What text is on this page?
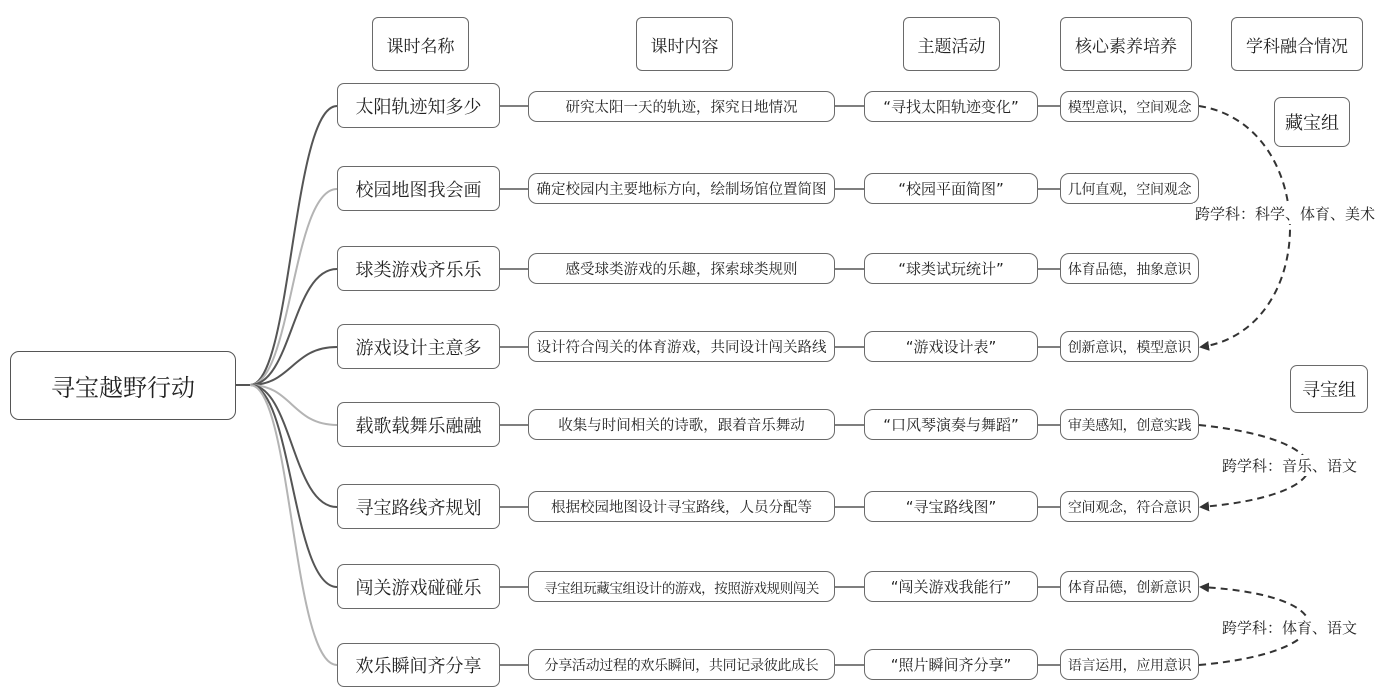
课时名称	课时内容	主题活动	核心素养培养	学科融合情况
寻宝越野行动
太阳轨迹知多少	研究太阳一天的轨迹，探究日地情况	“寻找太阳轨迹变化”	模型意识，空间观念
校园地图我会画	确定校园内主要地标方向，绘制场馆位置简图	“校园平面简图”	几何直观，空间观念
球类游戏齐乐乐	感受球类游戏的乐趣，探索球类规则	“球类试玩统计”	体育品德，抽象意识
游戏设计主意多	设计符合闯关的体育游戏，共同设计闯关路线	“游戏设计表”	创新意识，模型意识
载歌载舞乐融融	收集与时间相关的诗歌，跟着音乐舞动	“口风琴演奏与舞蹈”	审美感知，创意实践
寻宝路线齐规划	根据校园地图设计寻宝路线，人员分配等	“寻宝路线图”	空间观念，符合意识
闯关游戏碰碰乐	寻宝组玩藏宝组设计的游戏，按照游戏规则闯关	“闯关游戏我能行”	体育品德，创新意识
欢乐瞬间齐分享	分享活动过程的欢乐瞬间，共同记录彼此成长	“照片瞬间齐分享”	语言运用，应用意识
藏宝组
寻宝组
跨学科：科学、体育、美术
跨学科：音乐、语文
跨学科：体育、语文
